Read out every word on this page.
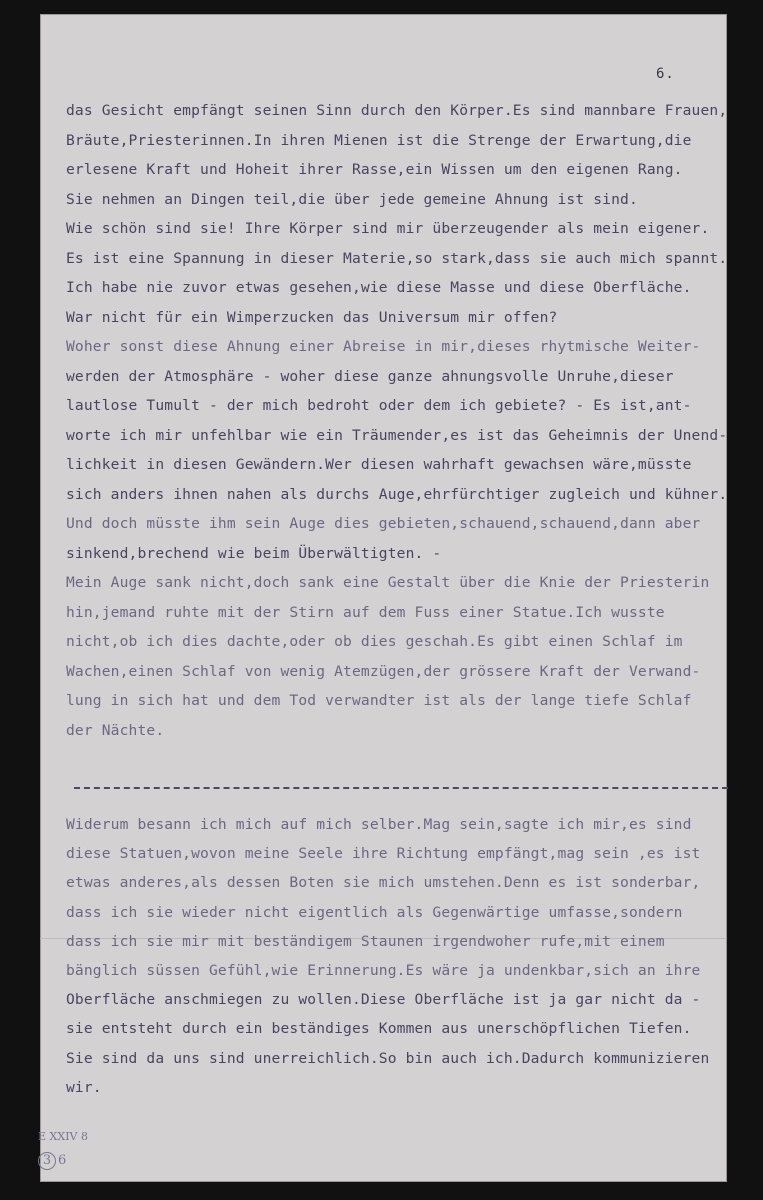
6.
das Gesicht empfängt seinen Sinn durch den Körper.Es sind mannbare Frauen,
Bräute,Priesterinnen.In ihren Mienen ist die Strenge der Erwartung,die
erlesene Kraft und Hoheit ihrer Rasse,ein Wissen um den eigenen Rang.
Sie nehmen an Dingen teil,die über jede gemeine Ahnung ist sind.
Wie schön sind sie! Ihre Körper sind mir überzeugender als mein eigener.
Es ist eine Spannung in dieser Materie,so stark,dass sie auch mich spannt.
Ich habe nie zuvor etwas gesehen,wie diese Masse und diese Oberfläche.
War nicht für ein Wimperzucken das Universum mir offen?
Woher sonst diese Ahnung einer Abreise in mir,dieses rhytmische Weiter-
werden der Atmosphäre - woher diese ganze ahnungsvolle Unruhe,dieser
lautlose Tumult - der mich bedroht oder dem ich gebiete? - Es ist,ant-
worte ich mir unfehlbar wie ein Träumender,es ist das Geheimnis der Unend-
lichkeit in diesen Gewändern.Wer diesen wahrhaft gewachsen wäre,müsste
sich anders ihnen nahen als durchs Auge,ehrfürchtiger zugleich und kühner.
Und doch müsste ihm sein Auge dies gebieten,schauend,schauend,dann aber
sinkend,brechend wie beim Überwältigten. -
Mein Auge sank nicht,doch sank eine Gestalt über die Knie der Priesterin
hin,jemand ruhte mit der Stirn auf dem Fuss einer Statue.Ich wusste
nicht,ob ich dies dachte,oder ob dies geschah.Es gibt einen Schlaf im
Wachen,einen Schlaf von wenig Atemzügen,der grössere Kraft der Verwand-
lung in sich hat und dem Tod verwandter ist als der lange tiefe Schlaf
der Nächte.
Widerum besann ich mich auf mich selber.Mag sein,sagte ich mir,es sind
diese Statuen,wovon meine Seele ihre Richtung empfängt,mag sein ,es ist
etwas anderes,als dessen Boten sie mich umstehen.Denn es ist sonderbar,
dass ich sie wieder nicht eigentlich als Gegenwärtige umfasse,sondern
dass ich sie mir mit beständigem Staunen irgendwoher rufe,mit einem
bänglich süssen Gefühl,wie Erinnerung.Es wäre ja undenkbar,sich an ihre
Oberfläche anschmiegen zu wollen.Diese Oberfläche ist ja gar nicht da -
sie entsteht durch ein beständiges Kommen aus unerschöpflichen Tiefen.
Sie sind da uns sind unerreichlich.So bin auch ich.Dadurch kommunizieren
wir.
E XXIV 8
3 6
